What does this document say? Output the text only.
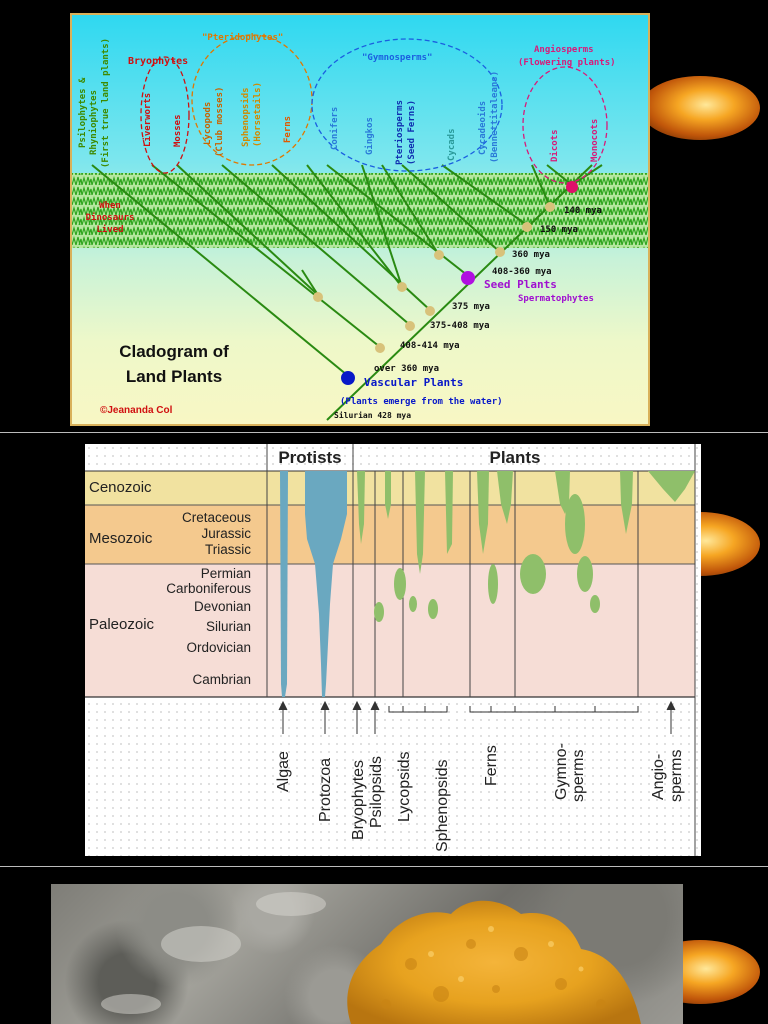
"Pteridophytes"
"Gymnosperms"
Angiosperms
(Flowering plants)
Bryophytes
Psilophytes & Rhyniophytes (First true land plants)	Liverworts Mosses Lycopods (Club mosses) Sphenopsids (Horsetails) Ferns	Conifers	Gingkos Pteriosperms (Seed Ferns)	Cycads Cycadeoids (Bennettitaleans)	Dicots	Monocots
When
Dinosaurs
Lived
140 mya
150 mya
360 mya
408-360 mya
Seed Plants
Spermatophytes
375 mya
375-408 mya
408-414 mya
over 360 mya
Vascular Plants
(Plants emerge from the water)
Silurian 428 mya
Cladogram of
Land Plants
©Jeananda Col
Protists	Plants
Cenozoic
Mesozoic
Paleozoic
Cretaceous
Jurassic
Triassic
Permian
Carboniferous
Devonian
Silurian
Ordovician
Cambrian
Algae Protozoa Bryophytes Psilopsids Lycopsids Sphenopsids Ferns	Gymno- sperms	Angio- sperms
